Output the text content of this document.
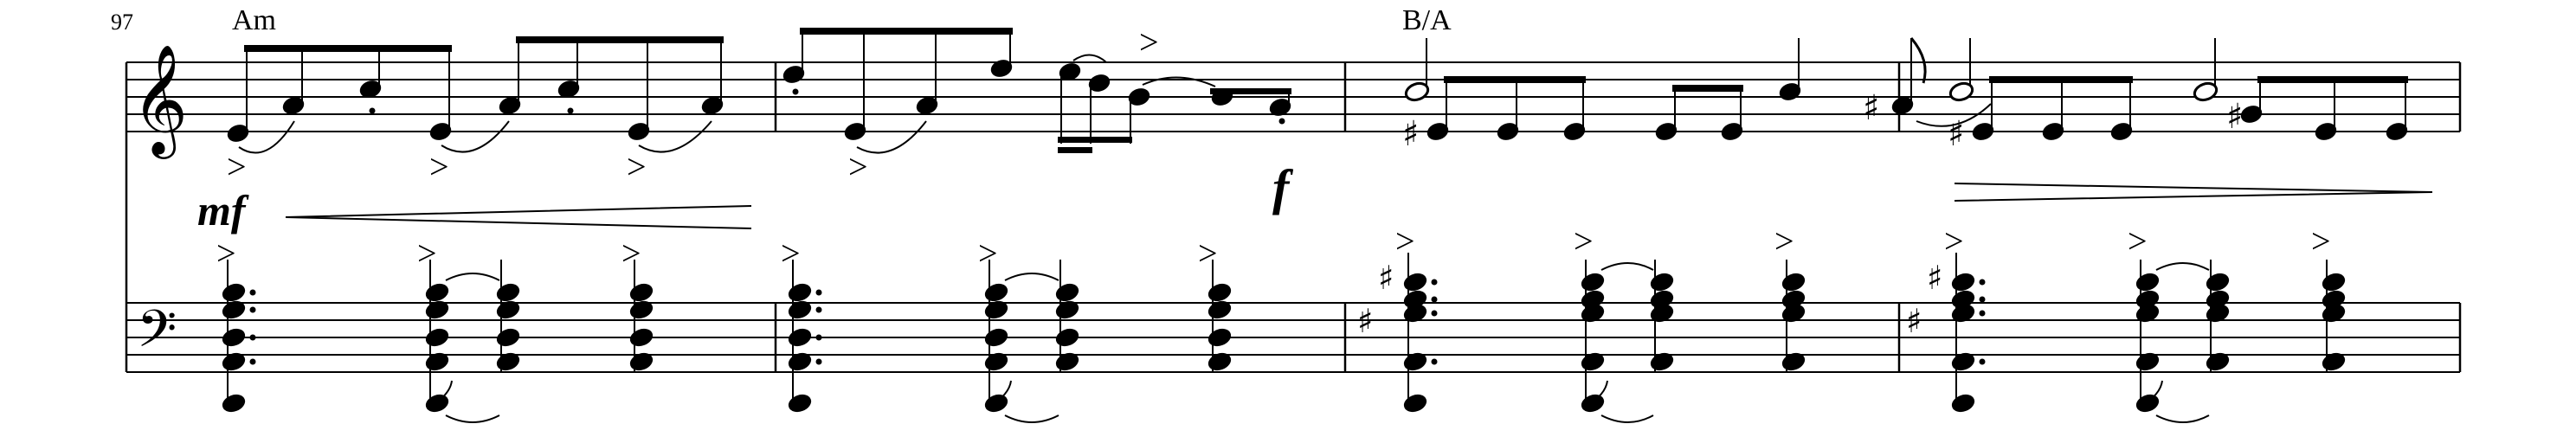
97	Am	B/A
mf	f
𝄞
𝄢
♯
♯
♯	♯
>	>	>	>
>
♯
♯
♯
♯
>	>	>	>	>	>	>	>	>	>	>	>
